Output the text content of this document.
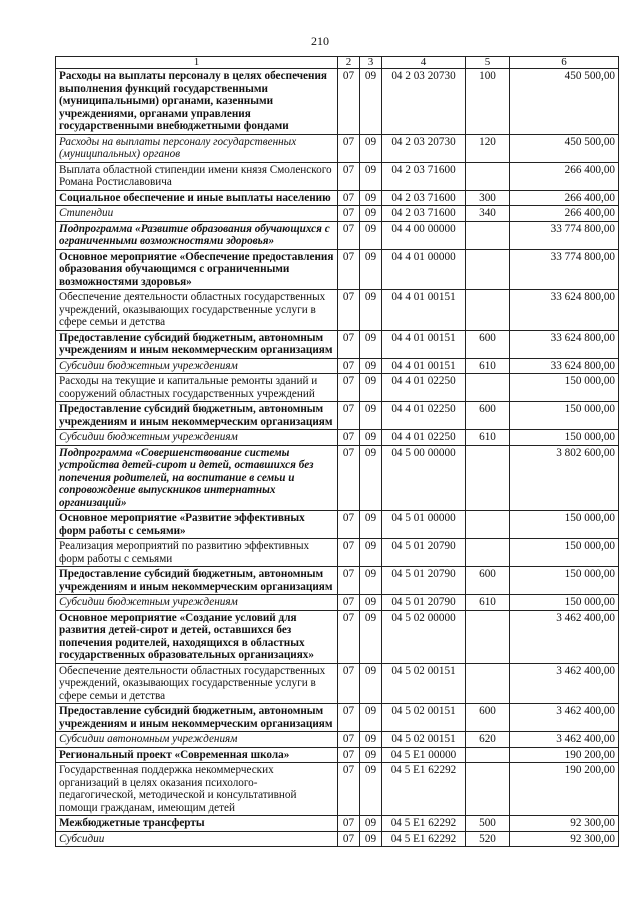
210
1	2	3	4	5	6
Расходы на выплаты персоналу в целях обеспечения выполнения функций государственными (муниципальными) органами, казенными учреждениями, органами управления государственными внебюджетными фондами	07	09	04 2 03 20730	100	450 500,00
Расходы на выплаты персоналу государственных (муниципальных) органов	07	09	04 2 03 20730	120	450 500,00
Выплата областной стипендии имени князя Смоленского Романа Ростиславовича	07	09	04 2 03 71600		266 400,00
Социальное обеспечение и иные выплаты населению	07	09	04 2 03 71600	300	266 400,00
Стипендии	07	09	04 2 03 71600	340	266 400,00
Подпрограмма «Развитие образования обучающихся с ограниченными возможностями здоровья»	07	09	04 4 00 00000		33 774 800,00
Основное мероприятие «Обеспечение предоставления образования обучающимся с ограниченными возможностями здоровья»	07	09	04 4 01 00000		33 774 800,00
Обеспечение деятельности областных государственных учреждений, оказывающих государственные услуги в сфере семьи и детства	07	09	04 4 01 00151		33 624 800,00
Предоставление субсидий бюджетным, автономным учреждениям и иным некоммерческим организациям	07	09	04 4 01 00151	600	33 624 800,00
Субсидии бюджетным учреждениям	07	09	04 4 01 00151	610	33 624 800,00
Расходы на текущие и капитальные ремонты зданий и сооружений областных государственных учреждений	07	09	04 4 01 02250		150 000,00
Предоставление субсидий бюджетным, автономным учреждениям и иным некоммерческим организациям	07	09	04 4 01 02250	600	150 000,00
Субсидии бюджетным учреждениям	07	09	04 4 01 02250	610	150 000,00
Подпрограмма «Совершенствование системы устройства детей-сирот и детей, оставшихся без попечения родителей, на воспитание в семьи и сопровождение выпускников интернатных организаций»	07	09	04 5 00 00000		3 802 600,00
Основное мероприятие «Развитие эффективных форм работы с семьями»	07	09	04 5 01 00000		150 000,00
Реализация мероприятий по развитию эффективных форм работы с семьями	07	09	04 5 01 20790		150 000,00
Предоставление субсидий бюджетным, автономным учреждениям и иным некоммерческим организациям	07	09	04 5 01 20790	600	150 000,00
Субсидии бюджетным учреждениям	07	09	04 5 01 20790	610	150 000,00
Основное мероприятие «Создание условий для развития детей-сирот и детей, оставшихся без попечения родителей, находящихся в областных государственных образовательных организациях»	07	09	04 5 02 00000		3 462 400,00
Обеспечение деятельности областных государственных учреждений, оказывающих государственные услуги в сфере семьи и детства	07	09	04 5 02 00151		3 462 400,00
Предоставление субсидий бюджетным, автономным учреждениям и иным некоммерческим организациям	07	09	04 5 02 00151	600	3 462 400,00
Субсидии автономным учреждениям	07	09	04 5 02 00151	620	3 462 400,00
Региональный проект «Современная школа»	07	09	04 5 E1 00000		190 200,00
Государственная поддержка некоммерческих организаций в целях оказания психолого-педагогической, методической и консультативной помощи гражданам, имеющим детей	07	09	04 5 E1 62292		190 200,00
Межбюджетные трансферты	07	09	04 5 E1 62292	500	92 300,00
Субсидии	07	09	04 5 E1 62292	520	92 300,00
